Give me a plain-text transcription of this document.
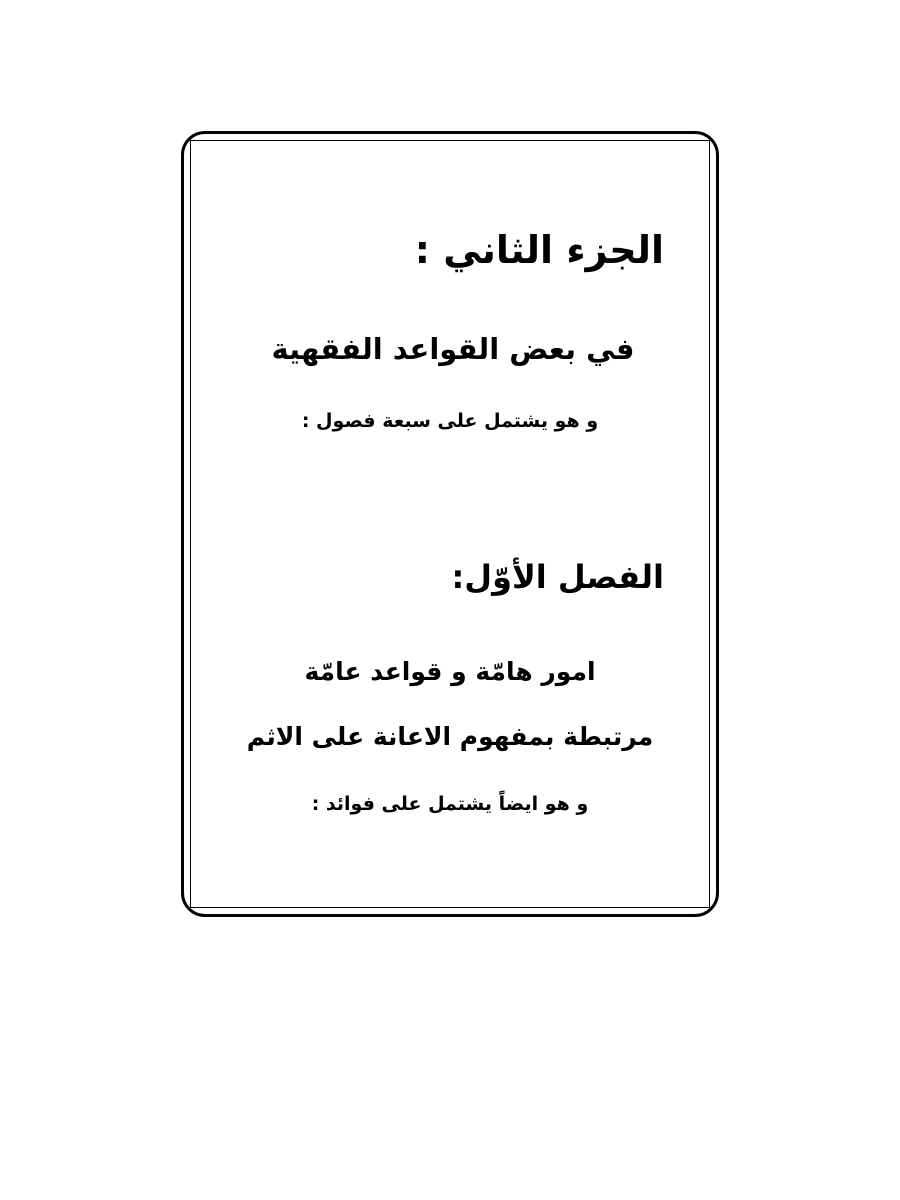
الجزء الثاني :
في بعض القواعد الفقهية
و هو يشتمل على سبعة فصول :
الفصل الأوّل:
امور هامّة و قواعد عامّة
مرتبطة بمفهوم الاعانة على الاثم
و هو ايضاً يشتمل على فوائد :
